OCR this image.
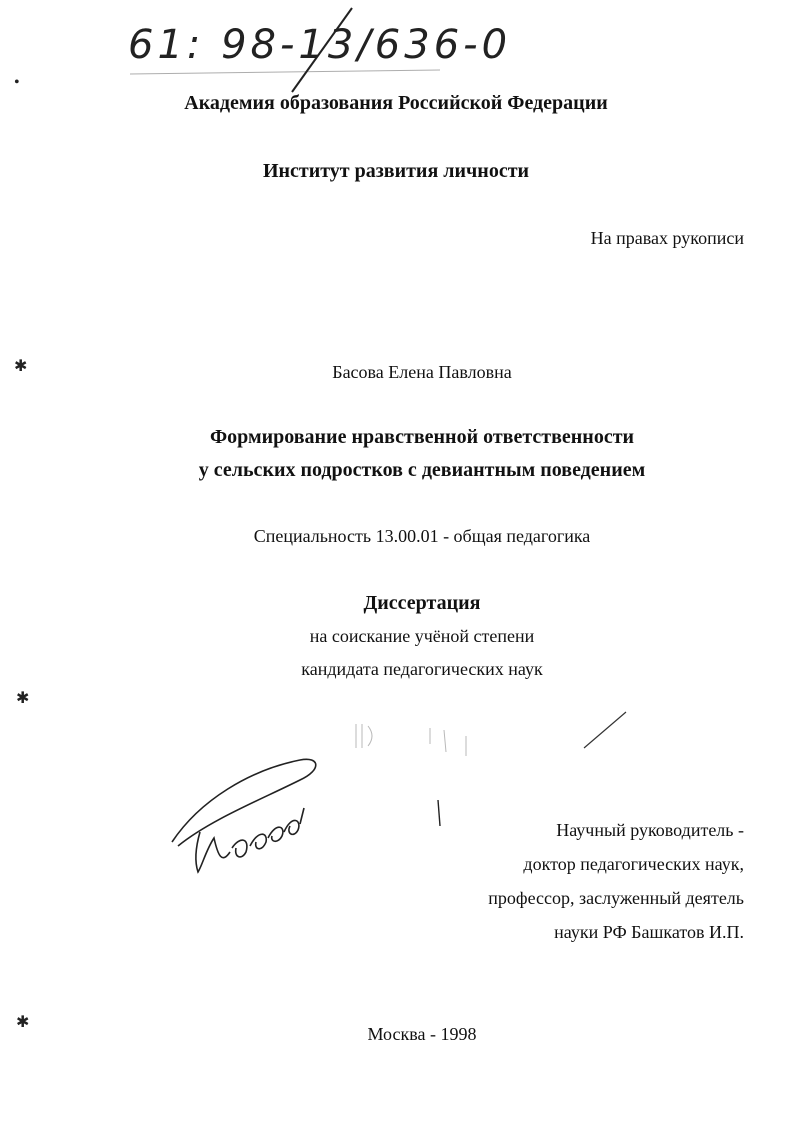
61: 98-13/636-0
•
✱
✱
✱
Академия образования Российской Федерации
Институт развития личности
На правах рукописи
Басова Елена Павловна
Формирование нравственной ответственности
у сельских подростков с девиантным поведением
Специальность 13.00.01 - общая педагогика
Диссертация
на соискание учёной степени
кандидата педагогических наук
Научный руководитель -
доктор педагогических наук,
профессор, заслуженный деятель
науки РФ Башкатов И.П.
Москва - 1998
